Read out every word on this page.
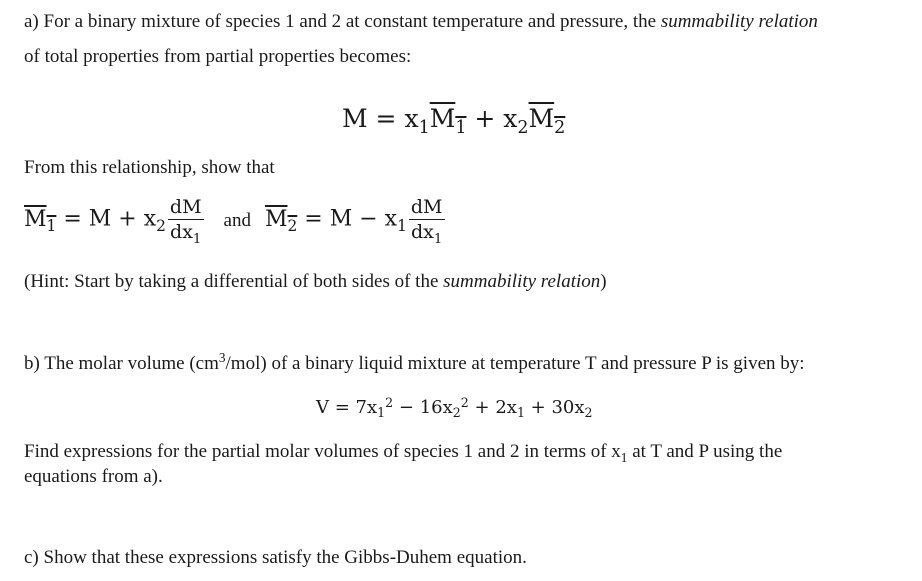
a) For a binary mixture of species 1 and 2 at constant temperature and pressure, the summability relation
of total properties from partial properties becomes:
$M = x_1M_1 + x_2M_2$
From this relationship, show that
$M_1 = M + x_2 \frac{dM}{dx_1}$ and $M_2 = M - x_1 \frac{dM}{dx_1}$
(Hint: Start by taking a differential of both sides of the summability relation)
b) The molar volume $(cm^3/mol)$ of a binary liquid mixture at temperature T and pressure P is given by:
$V = 7x_1^2 - 16x_2^2 + 2x_1 + 30x_2$
Find expressions for the partial molar volumes of species 1 and 2 in terms of $x_1$ at T and P using the
equations from a).
c) Show that these expressions satisfy the Gibbs-Duhem equation.
